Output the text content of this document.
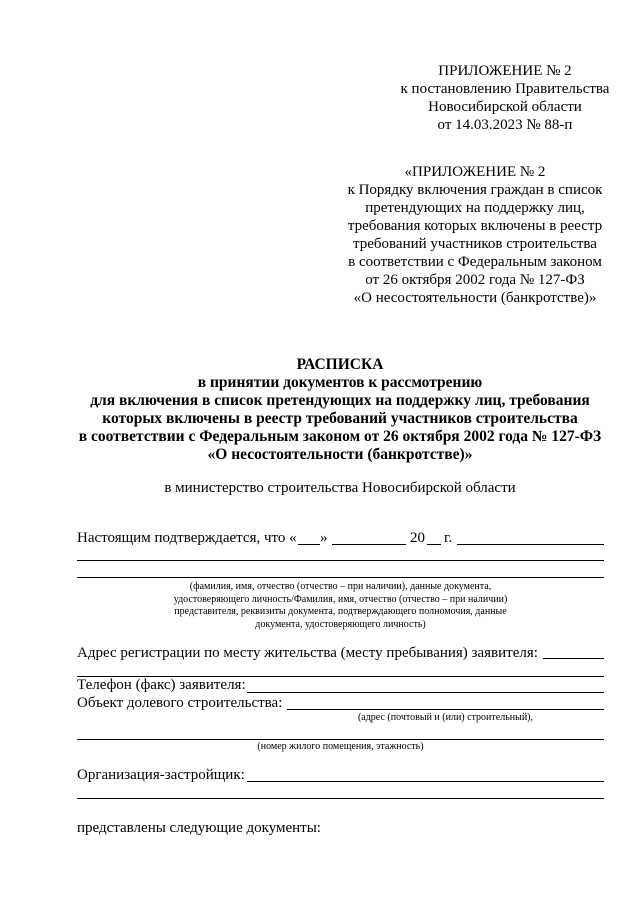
ПРИЛОЖЕНИЕ № 2
к постановлению Правительства
Новосибирской области
от 14.03.2023 № 88-п
«ПРИЛОЖЕНИЕ № 2
к Порядку включения граждан в список
претендующих на поддержку лиц,
требования которых включены в реестр
требований участников строительства
в соответствии с Федеральным законом
от 26 октября 2002 года № 127-ФЗ
«О несостоятельности (банкротстве)»
РАСПИСКА
в принятии документов к рассмотрению
для включения в список претендующих на поддержку лиц, требования
которых включены в реестр требований участников строительства
в соответствии с Федеральным законом от 26 октября 2002 года № 127-ФЗ
«О несостоятельности (банкротстве)»
в министерство строительства Новосибирской области
Настоящим подтверждается, что « »	20 г.
(фамилия, имя, отчество (отчество – при наличии), данные документа,
удостоверяющего личность/Фамилия, имя, отчество (отчество – при наличии)
представителя, реквизиты документа, подтверждающего полномочия, данные
документа, удостоверяющего личность)
Адрес регистрации по месту жительства (месту пребывания) заявителя:
Телефон (факс) заявителя:
Объект долевого строительства:
(адрес (почтовый и (или) строительный),
(номер жилого помещения, этажность)
Организация-застройщик:
представлены следующие документы:
